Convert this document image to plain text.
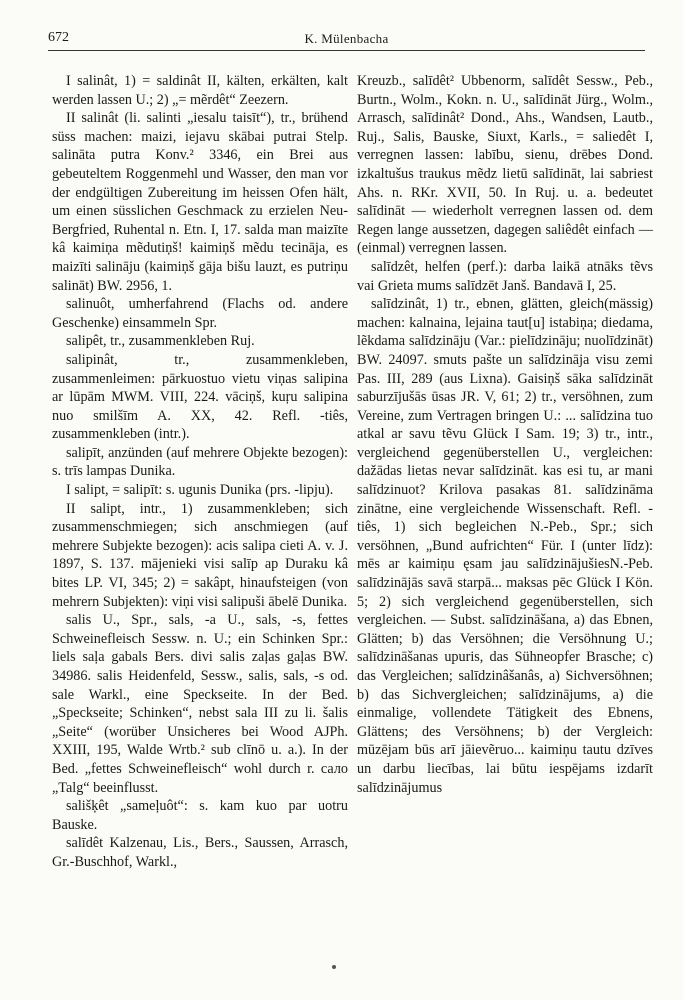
672	K. Mülenbacha

I salinât, 1) = saldinât II, kälten, erkälten, kalt werden lassen U.; 2) „= mẽrdêt“ Zeezern.

II salinât (li. salinti „iesalu taisīt“), tr., brühend süss machen: maizi, iejavu skābai putrai Stelp. salināta putra Konv.² 3346, ein Brei aus gebeuteltem Roggenmehl und Wasser, den man vor der endgültigen Zubereitung im heissen Ofen hält, um einen süsslichen Geschmack zu erzielen Neu-Bergfried, Ruhental n. Etn. I, 17. salda man maizīte kâ kaimiņa mẽdutiņš! kaimiņš mẽdu tecināja, es maizīti salināju (kaimiņš gāja bišu lauzt, es putriņu salināt) BW. 2956, 1.

salinuôt, umherfahrend (Flachs od. andere Geschenke) einsammeln Spr.

salipêt, tr., zusammenkleben Ruj.

salipinât, tr., zusammenkleben, zusammenleimen: pārkuostuo vietu viņas salipina ar lūpām MWM. VIII, 224. vāciņš, kuŗu salipina nuo smilšīm A. XX, 42. Refl. -tiês, zusammenkleben (intr.).

salipīt, anzünden (auf mehrere Objekte bezogen): s. trīs lampas Dunika.

I salipt, = salipīt: s. ugunis Dunika (prs. -lipju).

II salipt, intr., 1) zusammenkleben; sich zusammenschmiegen; sich anschmiegen (auf mehrere Subjekte bezogen): acis salipa cieti A. v. J. 1897, S. 137. mājenieki visi salīp ap Duraku kâ bites LP. VI, 345; 2) = sakâpt, hinaufsteigen (von mehrern Subjekten): viņi visi salipuši ābelē Dunika.

salis U., Spr., sals, -a U., sals, -s, fettes Schweinefleisch Sessw. n. U.; ein Schinken Spr.: liels saļa gabals Bers. divi salis zaļas gaļas BW. 34986. salis Heidenfeld, Sessw., salis, sals, -s od. sale Warkl., eine Speckseite. In der Bed. „Speckseite; Schinken“, nebst sala III zu li. šalis „Seite“ (worüber Unsicheres bei Wood AJPh. XXIII, 195, Walde Wrtb.² sub clīnō u. a.). In der Bed. „fettes Schweinefleisch“ wohl durch r. сало „Talg“ beeinflusst.

sališķêt „sameļuôt“: s. kam kuo par uotru Bauske.

salīdêt Kalzenau, Lis., Bers., Saussen, Arrasch, Gr.-Buschhof, Warkl.,

Kreuzb., salīdêt² Ubbenorm, salīdêt Sessw., Peb., Burtn., Wolm., Kokn. n. U., salīdināt Jürg., Wolm., Arrasch, salīdinât² Dond., Ahs., Wandsen, Lautb., Ruj., Salis, Bauske, Siuxt, Karls., = saliedêt I, verregnen lassen: labību, sienu, drēbes Dond. izkaltušus traukus mẽdz lietū salīdināt, lai sabriest Ahs. n. RKr. XVII, 50. In Ruj. u. a. bedeutet salīdināt — wiederholt verregnen lassen od. dem Regen lange aussetzen, dagegen saliêdêt einfach — (einmal) verregnen lassen.

salīdzêt, helfen (perf.): darba laikā atnāks tẽvs vai Grieta mums salīdzēt Janš. Bandavā I, 25.

salīdzinât, 1) tr., ebnen, glätten, gleich(mässig) machen: kalnaina, lejaina taut[u] istabiņa; diedama, lẽkdama salīdzināju (Var.: pielīdzināju; nuolīdzināt) BW. 24097. smuts pašte un salīdzināja visu zemi Pas. III, 289 (aus Lixna). Gaisiņš sāka salīdzināt saburzījušās ūsas JR. V, 61; 2) tr., versöhnen, zum Vereine, zum Vertragen bringen U.: ... salīdzina tuo atkal ar savu tẽvu Glück I Sam. 19; 3) tr., intr., vergleichend gegenüberstellen U., vergleichen: dažādas lietas nevar salīdzināt. kas esi tu, ar mani salīdzinuot? Krilova pasakas 81. salīdzināma zinātne, eine vergleichende Wissenschaft. Refl. -tiês, 1) sich begleichen N.-Peb., Spr.; sich versöhnen, „Bund aufrichten“ Für. I (unter līdz): mēs ar kaimiņu ęsam jau salīdzinājušiesN.-Peb. salīdzinājās savā starpā... maksas pēc Glück I Kön. 5; 2) sich vergleichend gegenüberstellen, sich vergleichen. — Subst. salīdzināšana, a) das Ebnen, Glätten; b) das Versöhnen; die Versöhnung U.; salīdzināšanas upuris, das Sühneopfer Brasche; c) das Vergleichen; salīdzinâšanâs, a) Sichversöhnen; b) das Sichvergleichen; salīdzinājums, a) die einmalige, vollendete Tätigkeit des Ebnens, Glättens; des Versöhnens; b) der Vergleich: mūzējam būs arī jāievẽruo... kaimiņu tautu dzīves un darbu liecības, lai būtu iespējams izdarīt salīdzinājumus
